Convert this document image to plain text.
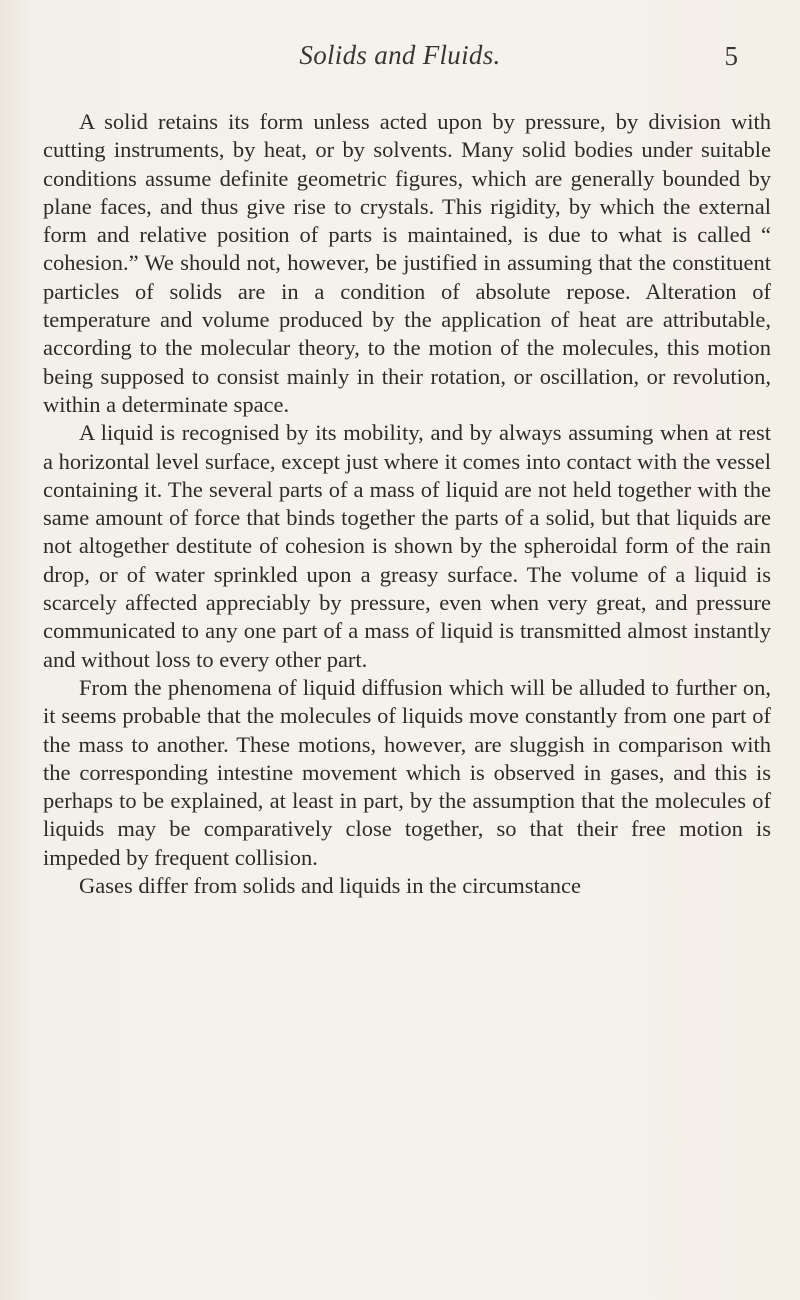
Solids and Fluids.	5

A solid retains its form unless acted upon by pressure, by division with cutting instruments, by heat, or by solvents. Many solid bodies under suitable conditions assume definite geometric figures, which are generally bounded by plane faces, and thus give rise to crystals. This rigidity, by which the external form and relative position of parts is maintained, is due to what is called “ cohesion.” We should not, however, be justified in assuming that the constituent particles of solids are in a condition of absolute repose. Alteration of temperature and volume produced by the application of heat are attributable, according to the molecular theory, to the motion of the molecules, this motion being supposed to consist mainly in their rotation, or oscillation, or revolution, within a determinate space.

A liquid is recognised by its mobility, and by always assuming when at rest a horizontal level surface, except just where it comes into contact with the vessel containing it. The several parts of a mass of liquid are not held together with the same amount of force that binds together the parts of a solid, but that liquids are not altogether destitute of cohesion is shown by the spheroidal form of the rain drop, or of water sprinkled upon a greasy surface. The volume of a liquid is scarcely affected appreciably by pressure, even when very great, and pressure communicated to any one part of a mass of liquid is transmitted almost instantly and without loss to every other part.

From the phenomena of liquid diffusion which will be alluded to further on, it seems probable that the molecules of liquids move constantly from one part of the mass to another. These motions, however, are sluggish in comparison with the corresponding intestine movement which is observed in gases, and this is perhaps to be explained, at least in part, by the assumption that the molecules of liquids may be comparatively close together, so that their free motion is impeded by frequent collision.

Gases differ from solids and liquids in the circumstance
